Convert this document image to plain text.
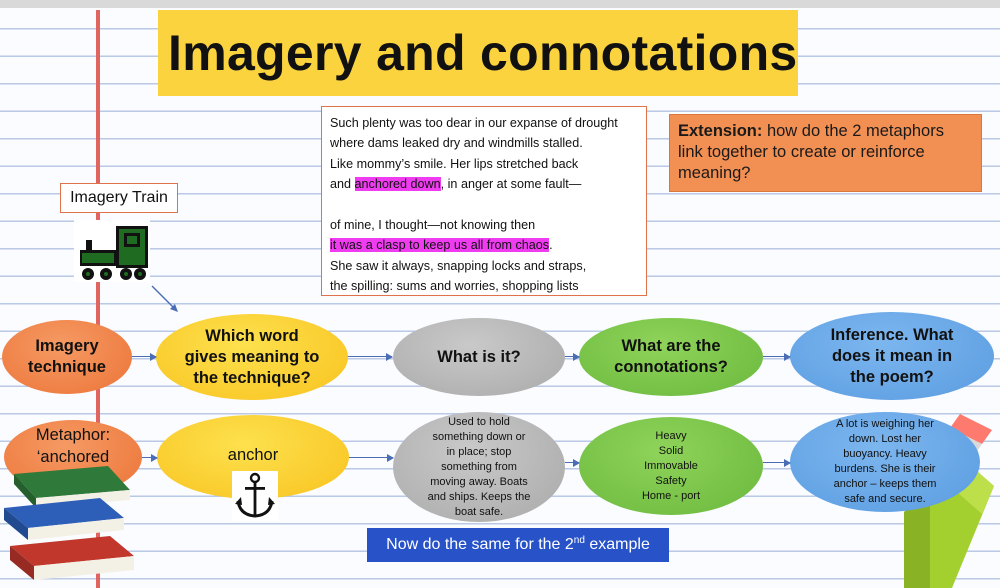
Imagery and connotations
Such plenty was too dear in our expanse of drought
where dams leaked dry and windmills stalled.
Like mommy’s smile. Her lips stretched back
and anchored down, in anger at some fault—
of mine, I thought—not knowing then
it was a clasp to keep us all from chaos.
She saw it always, snapping locks and straps,
the spilling: sums and worries, shopping lists
Extension: how do the 2 metaphors link together to create or reinforce meaning?
Imagery Train
Imagery
technique
Which word
gives meaning to
the technique?
What is it?
What are the
connotations?
Inference. What
does it mean in
the poem?
Metaphor:
‘anchored	anchor
Used to hold
something down or
in place; stop
something from
moving away. Boats
and ships. Keeps the
boat safe.
Heavy
Solid
Immovable
Safety
Home - port
A lot is weighing her
down. Lost her
buoyancy. Heavy
burdens. She is their
anchor – keeps them
safe and secure.
Now do the same for the 2nd example
